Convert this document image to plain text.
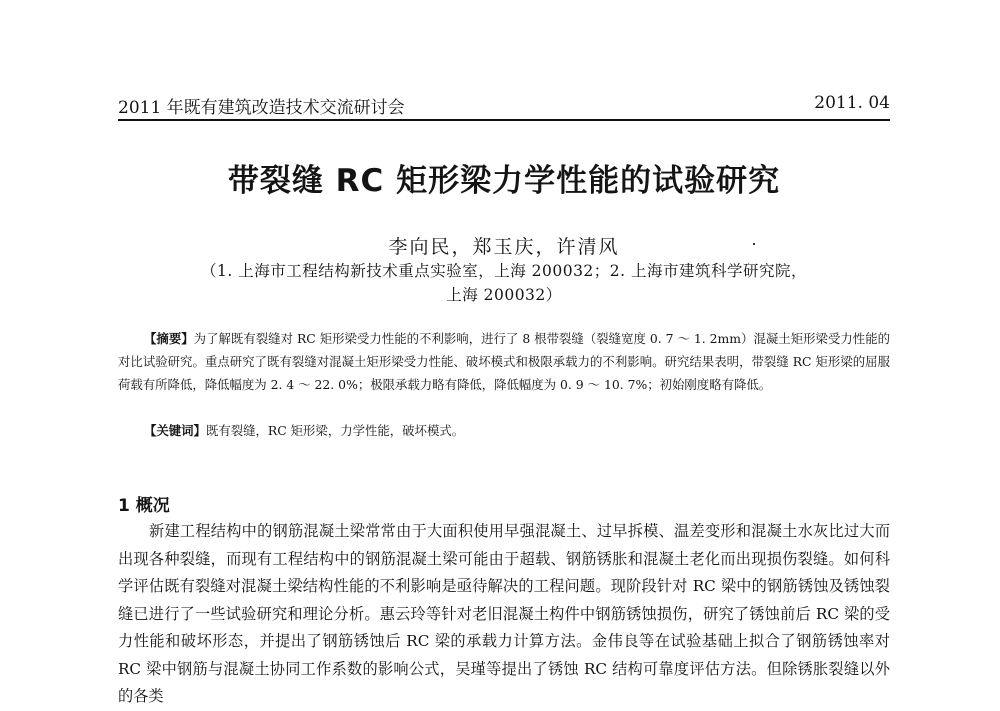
2011 年既有建筑改造技术交流研讨会	2011. 04
带裂缝 RC 矩形梁力学性能的试验研究
李向民，郑玉庆，许清风
（1. 上海市工程结构新技术重点实验室，上海 200032；2. 上海市建筑科学研究院，
上海 200032）

【摘要】为了解既有裂缝对 RC 矩形梁受力性能的不利影响，进行了 8 根带裂缝（裂缝宽度 0. 7 ～ 1. 2mm）混凝土矩形梁受力性能的对比试验研究。重点研究了既有裂缝对混凝土矩形梁受力性能、破坏模式和极限承载力的不利影响。研究结果表明，带裂缝 RC 矩形梁的屈服荷载有所降低，降低幅度为 2. 4 ～ 22. 0%；极限承载力略有降低，降低幅度为 0. 9 ～ 10. 7%；初始刚度略有降低。

【关键词】既有裂缝，RC 矩形梁，力学性能，破坏模式。

1 概况

新建工程结构中的钢筋混凝土梁常常由于大面积使用早强混凝土、过早拆模、温差变形和混凝土水灰比过大而出现各种裂缝，而现有工程结构中的钢筋混凝土梁可能由于超载、钢筋锈胀和混凝土老化而出现损伤裂缝。如何科学评估既有裂缝对混凝土梁结构性能的不利影响是亟待解决的工程问题。现阶段针对 RC 梁中的钢筋锈蚀及锈蚀裂缝已进行了一些试验研究和理论分析。惠云玲等针对老旧混凝土构件中钢筋锈蚀损伤，研究了锈蚀前后 RC 梁的受力性能和破坏形态，并提出了钢筋锈蚀后 RC 梁的承载力计算方法。金伟良等在试验基础上拟合了钢筋锈蚀率对 RC 梁中钢筋与混凝土协同工作系数的影响公式，吴瑾等提出了锈蚀 RC 结构可靠度评估方法。但除锈胀裂缝以外的各类
